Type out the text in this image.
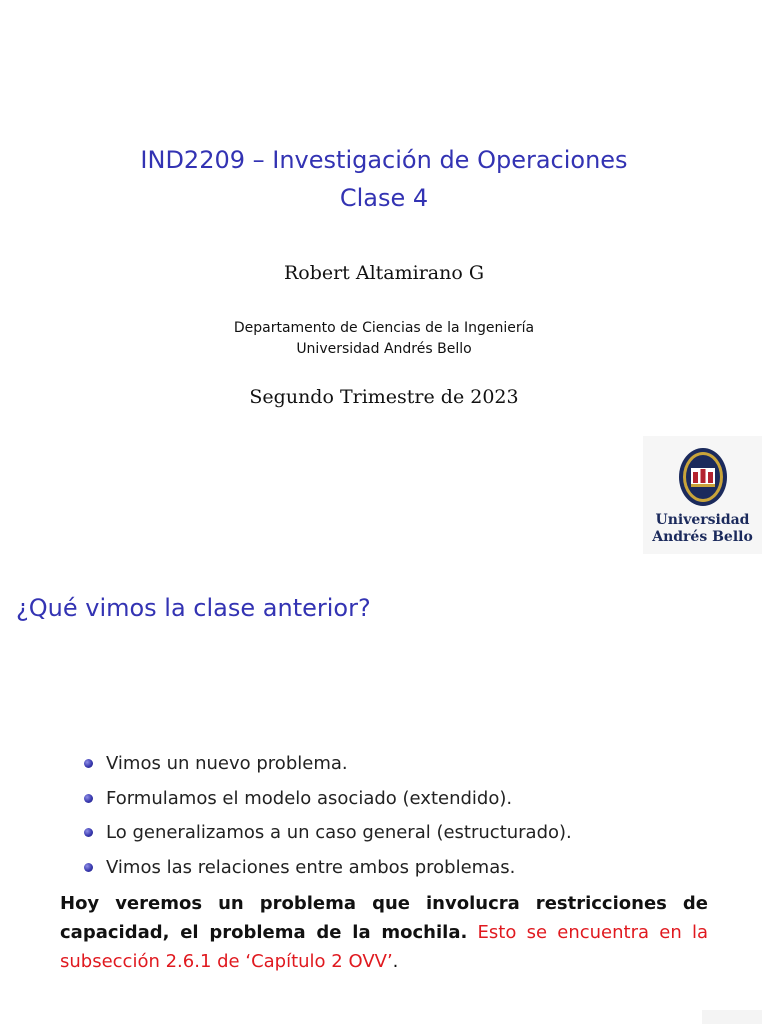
IND2209 – Investigación de Operaciones
Clase 4
Robert Altamirano G
Departamento de Ciencias de la Ingeniería
Universidad Andrés Bello
Segundo Trimestre de 2023
Universidad
Andrés Bello
¿Qué vimos la clase anterior?
Vimos un nuevo problema.
Formulamos el modelo asociado (extendido).
Lo generalizamos a un caso general (estructurado).
Vimos las relaciones entre ambos problemas.
Hoy veremos un problema que involucra restricciones de capacidad, el problema de la mochila. Esto se encuentra en la subsección 2.6.1 de ‘Capítulo 2 OVV’.
